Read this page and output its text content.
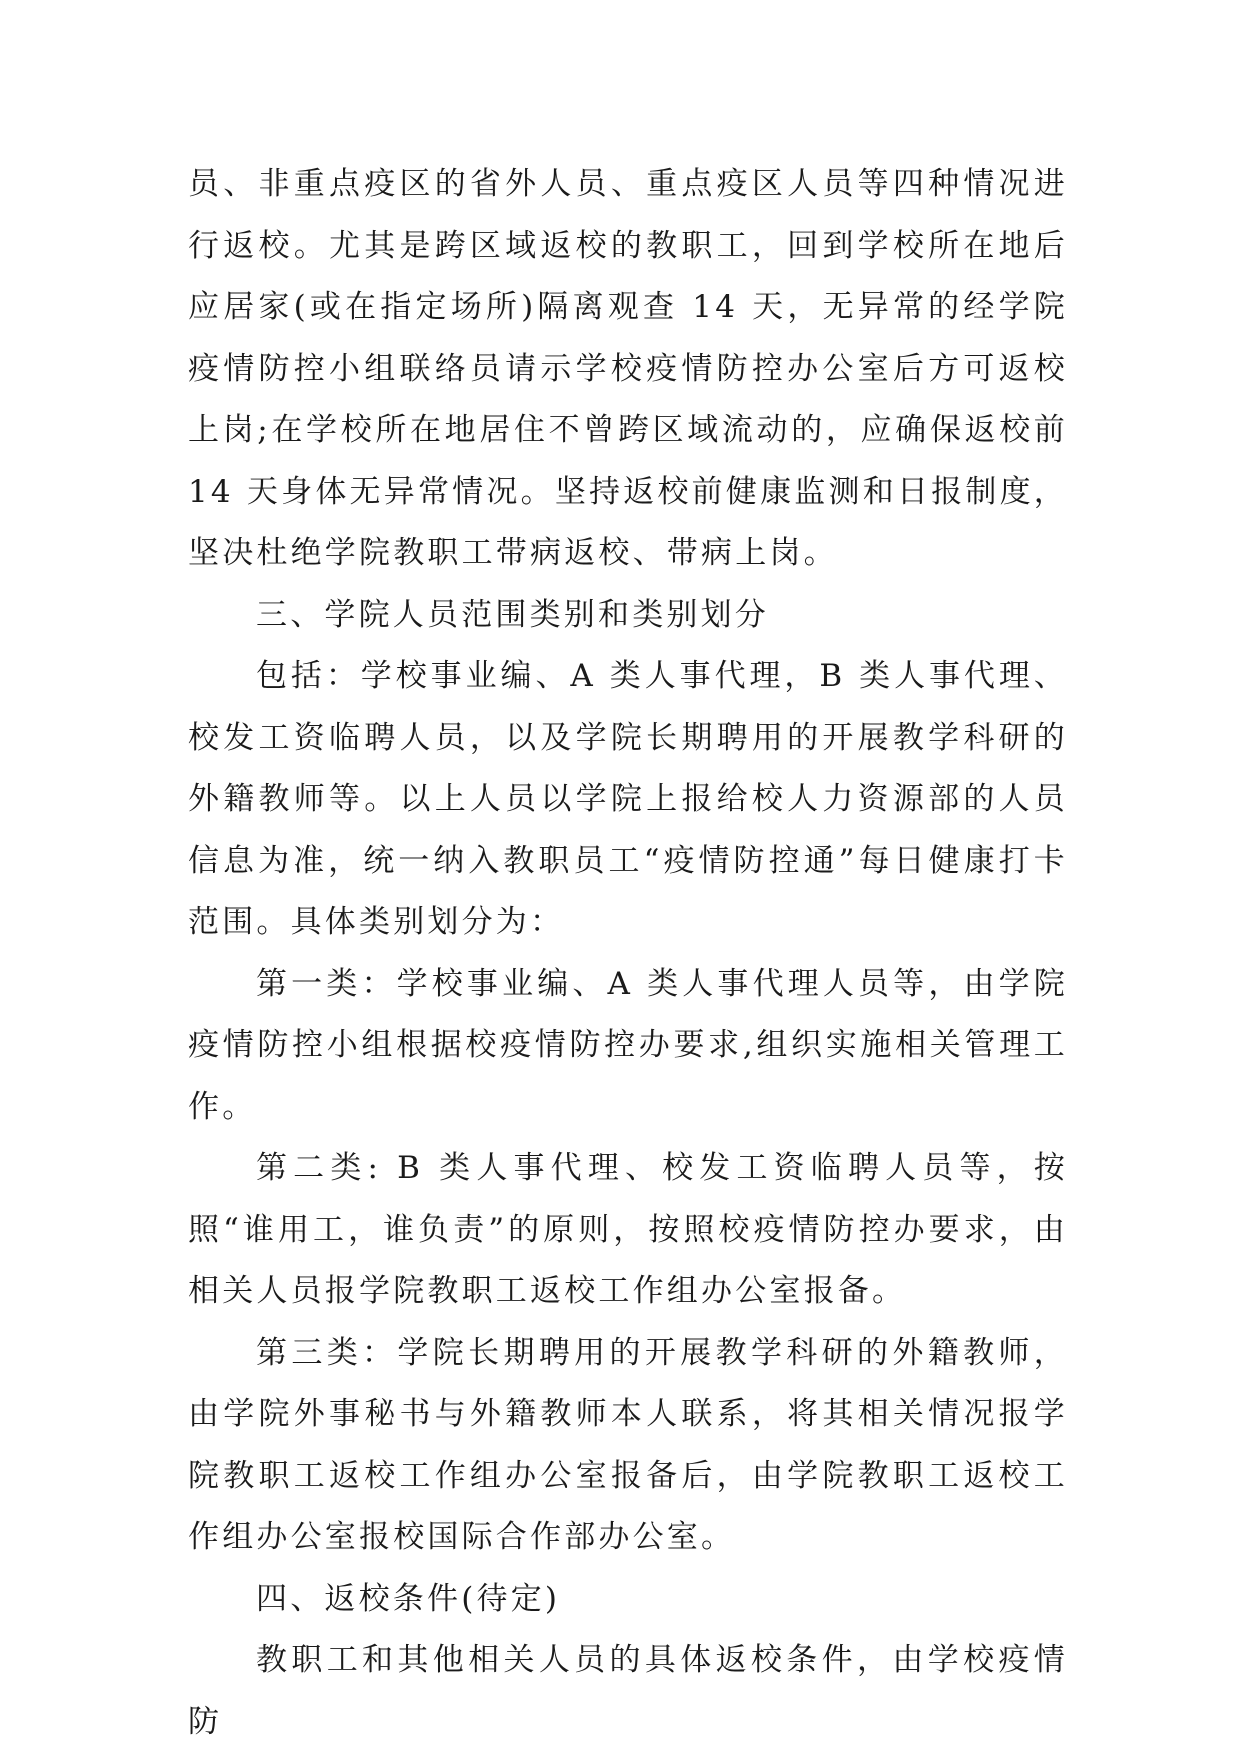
员、非重点疫区的省外人员、重点疫区人员等四种情况进行返校。尤其是跨区域返校的教职工，回到学校所在地后应居家(或在指定场所)隔离观查 14 天，无异常的经学院疫情防控小组联络员请示学校疫情防控办公室后方可返校上岗;在学校所在地居住不曾跨区域流动的，应确保返校前 14 天身体无异常情况。坚持返校前健康监测和日报制度，坚决杜绝学院教职工带病返校、带病上岗。

三、学院人员范围类别和类别划分

包括：学校事业编、A 类人事代理，B 类人事代理、校发工资临聘人员，以及学院长期聘用的开展教学科研的外籍教师等。以上人员以学院上报给校人力资源部的人员信息为准，统一纳入教职员工“疫情防控通”每日健康打卡范围。具体类别划分为：

第一类：学校事业编、A 类人事代理人员等，由学院疫情防控小组根据校疫情防控办要求,组织实施相关管理工作。

第二类: B 类人事代理、校发工资临聘人员等，按照“谁用工，谁负责”的原则，按照校疫情防控办要求，由相关人员报学院教职工返校工作组办公室报备。

第三类：学院长期聘用的开展教学科研的外籍教师，由学院外事秘书与外籍教师本人联系，将其相关情况报学院教职工返校工作组办公室报备后，由学院教职工返校工作组办公室报校国际合作部办公室。

四、返校条件(待定)

教职工和其他相关人员的具体返校条件，由学校疫情防
